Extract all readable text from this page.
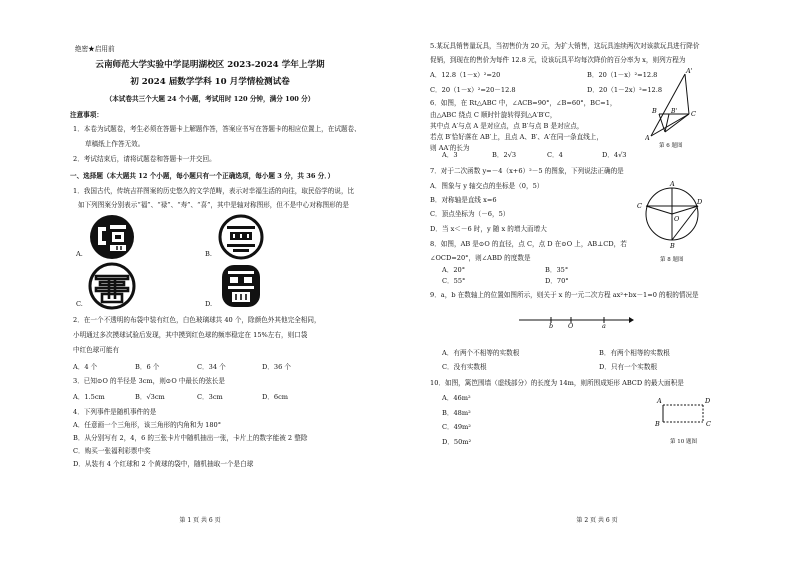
绝密★启用前
云南师范大学实验中学昆明湖校区 2023-2024 学年上学期
初 2024 届数学学科 10 月学情检测试卷
（本试卷共三个大题 24 个小题，考试用时 120 分钟，满分 100 分）
注意事项：
1．本卷为试题卷，考生必须在答题卡上解题作答，答案应书写在答题卡的相应位置上，在试题卷、
草稿纸上作答无效。
2．考试结束后，请将试题卷和答题卡一并交回。
一、选择题（本大题共 12 个小题，每小题只有一个正确选项，每小题 3 分，共 36 分．）
1．我国古代，传统吉祥图案的历史悠久的文学范畴，表示对幸福生活的向往，取民俗学的说，比
如下列图案分别表示“福”、“禄”、“寿”、“喜”，其中是轴对称图形，但不是中心对称图形的是
A.	B.
C.	D.
2．在一个不透明的布袋中装有红色，白色玻璃球共 40 个，除颜色外其他完全相同，
小明通过多次摸球试验后发现，其中摸到红色球的频率稳定在 15%左右，则口袋
中红色球可能有
A．4 个	B．6 个	C．34 个	D．36 个
3．已知⊙O 的半径是 3cm，则⊙O 中最长的弦长是
A．1.5cm	B．√3cm	C．3cm	D．6cm
4．下列事件是随机事件的是
A．任意画一个三角形，该三角形的内角和为 180°
B．从分别写有 2，4，6 的三张卡片中随机抽出一张，卡片上的数字能被 2 整除
C．购买一张福利彩票中奖
D．从装有 4 个红球和 2 个黄球的袋中，随机抽取一个是白球
第 1 页 共 6 页
5.某玩具销售量玩具，当初售价为 20 元，为扩大销售，这玩具连续两次对该款玩具进行降价
促销，到现在的售价为每件 12.8 元，设该玩具平均每次降价的百分率为 x，则列方程为
A．12.8（1－x）²=20	B．20（1－x）²=12.8
C．20（1－x）²=20－12.8	D．20（1－2x）²=12.8
6．如图，在 Rt△ABC 中，∠ACB=90°，∠B=60°，BC=1，
由△ABC 绕点 C 顺时针旋转得到△A′B′C，
其中点 A′与点 A 是对应点，点 B′与点 B 是对应点，
若点 B′恰好落在 AB′上，且点 A、B′、A′在同一条直线上，
则 AA′的长为
A．3	B．2√3	C．4	D．4√3
A'
B B' C
A
第 6 题图
7．对于二次函数 y=－4（x+6）²－5 的图象，下列说法正确的是
A．图象与 y 轴交点的坐标是（0，5）
B．对称轴是直线 x=6
C．顶点坐标为（－6，5）
D．当 x＜－6 时，y 随 x 的增大而增大
8．如图，AB 是⊙O 的直径，点 C，点 D 在⊙O 上，AB⊥CD，若
∠OCD=20°，则∠ABD 的度数是
A．20°	B．35°
C．55°	D．70°
A
C	D
O
B
第 8 题图
9．a，b 在数轴上的位置如图所示，则关于 x 的一元二次方程 ax²+bx－1=0 的根的情况是
b O	a
A．有两个不相等的实数根	B．有两个相等的实数根
C．没有实数根	D．只有一个实数根
10．如图，篱笆围墙（虚线部分）的长度为 14m，则所围成矩形 ABCD 的最大面积是
A．46m²
B．48m²
C．49m²
D．50m²
A	D
B	C
第 10 题图
第 2 页 共 6 页
